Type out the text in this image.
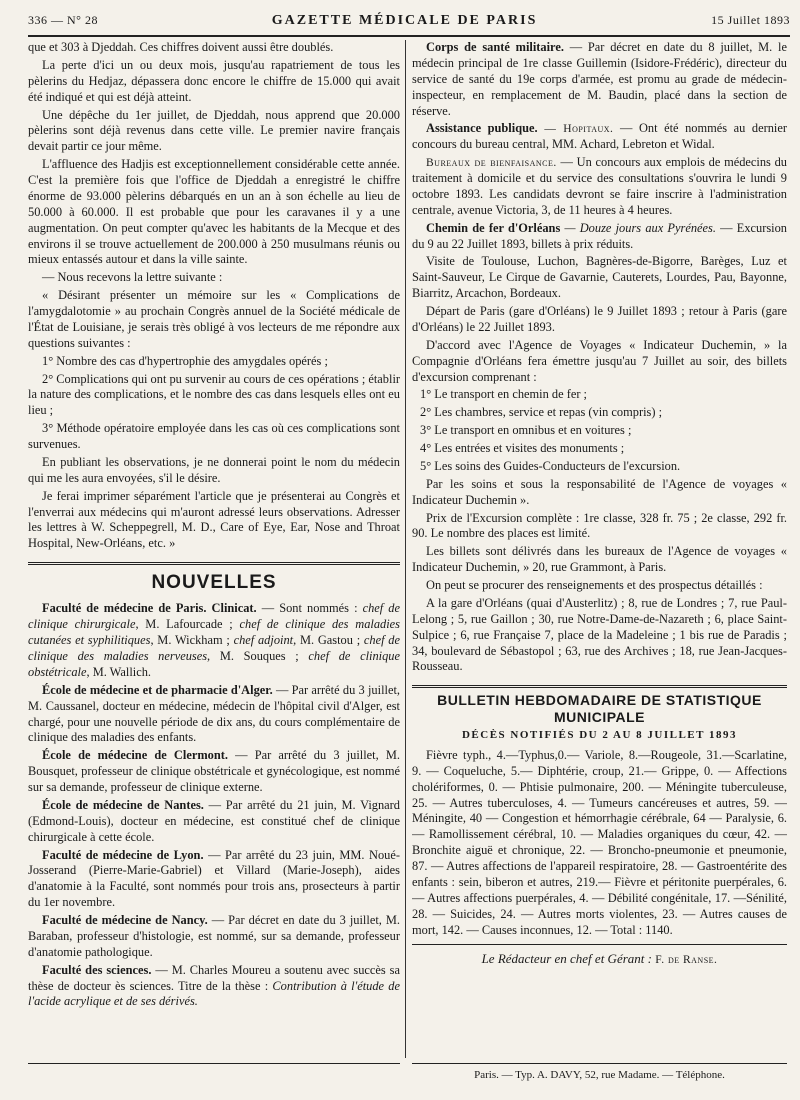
336 — N° 28	GAZETTE MÉDICALE DE PARIS	15 Juillet 1893

que et 303 à Djeddah. Ces chiffres doivent aussi être doublés.

La perte d'ici un ou deux mois, jusqu'au rapatriement de tous les pèlerins du Hedjaz, dépassera donc encore le chiffre de 15.000 qui avait été indiqué et qui est déjà atteint.

Une dépêche du 1er juillet, de Djeddah, nous apprend que 20.000 pèlerins sont déjà revenus dans cette ville. Le premier navire français devait partir ce jour même.

L'affluence des Hadjis est exceptionnellement considérable cette année. C'est la première fois que l'office de Djeddah a enregistré le chiffre énorme de 93.000 pèlerins débarqués en un an à son échelle au lieu de 50.000 à 60.000. Il est probable que pour les caravanes il y a une augmentation. On peut compter qu'avec les habitants de la Mecque et des environs il se trouve actuellement de 200.000 à 250 musulmans réunis ou mieux entassés autour et dans la ville sainte.

— Nous recevons la lettre suivante :

« Désirant présenter un mémoire sur les « Complications de l'amygdalotomie » au prochain Congrès annuel de la Société médicale de l'État de Louisiane, je serais très obligé à vos lecteurs de me répondre aux questions suivantes :

1° Nombre des cas d'hypertrophie des amygdales opérés ;

2° Complications qui ont pu survenir au cours de ces opérations ; établir la nature des complications, et le nombre des cas dans lesquels elles ont eu lieu ;

3° Méthode opératoire employée dans les cas où ces complications sont survenues.

En publiant les observations, je ne donnerai point le nom du médecin qui me les aura envoyées, s'il le désire.

Je ferai imprimer séparément l'article que je présenterai au Congrès et l'enverrai aux médecins qui m'auront adressé leurs observations. Adresser les lettres à W. Scheppegrell, M. D., Care of Eye, Ear, Nose and Throat Hospital, New-Orléans, etc. »

NOUVELLES

Faculté de médecine de Paris. Clinicat. — Sont nommés : chef de clinique chirurgicale, M. Lafourcade ; chef de clinique des maladies cutanées et syphilitiques, M. Wickham ; chef adjoint, M. Gastou ; chef de clinique des maladies nerveuses, M. Souques ; chef de clinique obstétricale, M. Wallich.

École de médecine et de pharmacie d'Alger. — Par arrêté du 3 juillet, M. Caussanel, docteur en médecine, médecin de l'hôpital civil d'Alger, est chargé, pour une nouvelle période de dix ans, du cours complémentaire de clinique des maladies des enfants.

École de médecine de Clermont. — Par arrêté du 3 juillet, M. Bousquet, professeur de clinique obstétricale et gynécologique, est nommé sur sa demande, professeur de clinique externe.

École de médecine de Nantes. — Par arrêté du 21 juin, M. Vignard (Edmond-Louis), docteur en médecine, est constitué chef de clinique chirurgicale à cette école.

Faculté de médecine de Lyon. — Par arrêté du 23 juin, MM. Noué-Josserand (Pierre-Marie-Gabriel) et Villard (Marie-Joseph), aides d'anatomie à la Faculté, sont nommés pour trois ans, prosecteurs à partir du 1er novembre.

Faculté de médecine de Nancy. — Par décret en date du 3 juillet, M. Baraban, professeur d'histologie, est nommé, sur sa demande, professeur d'anatomie pathologique.

Faculté des sciences. — M. Charles Moureu a soutenu avec succès sa thèse de docteur ès sciences. Titre de la thèse : Contribution à l'étude de l'acide acrylique et de ses dérivés.

Corps de santé militaire. — Par décret en date du 8 juillet, M. le médecin principal de 1re classe Guillemin (Isidore-Frédéric), directeur du service de santé du 19e corps d'armée, est promu au grade de médecin-inspecteur, en remplacement de M. Baudin, placé dans la section de réserve.

Assistance publique. — Hopitaux. — Ont été nommés au dernier concours du bureau central, MM. Achard, Lebreton et Widal.

Bureaux de bienfaisance. — Un concours aux emplois de médecins du traitement à domicile et du service des consultations s'ouvrira le lundi 9 octobre 1893. Les candidats devront se faire inscrire à l'administration centrale, avenue Victoria, 3, de 11 heures à 4 heures.

Chemin de fer d'Orléans — Douze jours aux Pyrénées. — Excursion du 9 au 22 Juillet 1893, billets à prix réduits.

Visite de Toulouse, Luchon, Bagnères-de-Bigorre, Barèges, Luz et Saint-Sauveur, Le Cirque de Gavarnie, Cauterets, Lourdes, Pau, Bayonne, Biarritz, Arcachon, Bordeaux.

Départ de Paris (gare d'Orléans) le 9 Juillet 1893 ; retour à Paris (gare d'Orléans) le 22 Juillet 1893.

D'accord avec l'Agence de Voyages « Indicateur Duchemin, » la Compagnie d'Orléans fera émettre jusqu'au 7 Juillet au soir, des billets d'excursion comprenant :

1° Le transport en chemin de fer ;

2° Les chambres, service et repas (vin compris) ;

3° Le transport en omnibus et en voitures ;

4° Les entrées et visites des monuments ;

5° Les soins des Guides-Conducteurs de l'excursion.

Par les soins et sous la responsabilité de l'Agence de voyages « Indicateur Duchemin ».

Prix de l'Excursion complète : 1re classe, 328 fr. 75 ; 2e classe, 292 fr. 90. Le nombre des places est limité.

Les billets sont délivrés dans les bureaux de l'Agence de voyages « Indicateur Duchemin, » 20, rue Grammont, à Paris.

On peut se procurer des renseignements et des prospectus détaillés :

A la gare d'Orléans (quai d'Austerlitz) ; 8, rue de Londres ; 7, rue Paul-Lelong ; 5, rue Gaillon ; 30, rue Notre-Dame-de-Nazareth ; 6, place Saint-Sulpice ; 6, rue Française 7, place de la Madeleine ; 1 bis rue de Paradis ; 34, boulevard de Sébastopol ; 63, rue des Archives ; 18, rue Jean-Jacques-Rousseau.

BULLETIN HEBDOMADAIRE DE STATISTIQUE MUNICIPALE
DÉCÈS NOTIFIÉS DU 2 AU 8 JUILLET 1893

Fièvre typh., 4.—Typhus,0.— Variole, 8.—Rougeole, 31.—Scarlatine, 9. — Coqueluche, 5.— Diphtérie, croup, 21.— Grippe, 0. — Affections cholériformes, 0. — Phtisie pulmonaire, 200. — Méningite tuberculeuse, 25. — Autres tuberculoses, 4. — Tumeurs cancéreuses et autres, 59. — Méningite, 40 — Congestion et hémorrhagie cérébrale, 64 — Paralysie, 6. — Ramollissement cérébral, 10. — Maladies organiques du cœur, 42. — Bronchite aiguë et chronique, 22. — Broncho-pneumonie et pneumonie, 87. — Autres affections de l'appareil respiratoire, 28. — Gastroentérite des enfants : sein, biberon et autres, 219.— Fièvre et péritonite puerpérales, 6. — Autres affections puerpérales, 4. — Débilité congénitale, 17. —Sénilité, 28. — Suicides, 24. — Autres morts violentes, 23. — Autres causes de mort, 142. — Causes inconnues, 12. — Total : 1140.

Le Rédacteur en chef et Gérant : F. de Ranse.
Paris. — Typ. A. DAVY, 52, rue Madame. — Téléphone.
